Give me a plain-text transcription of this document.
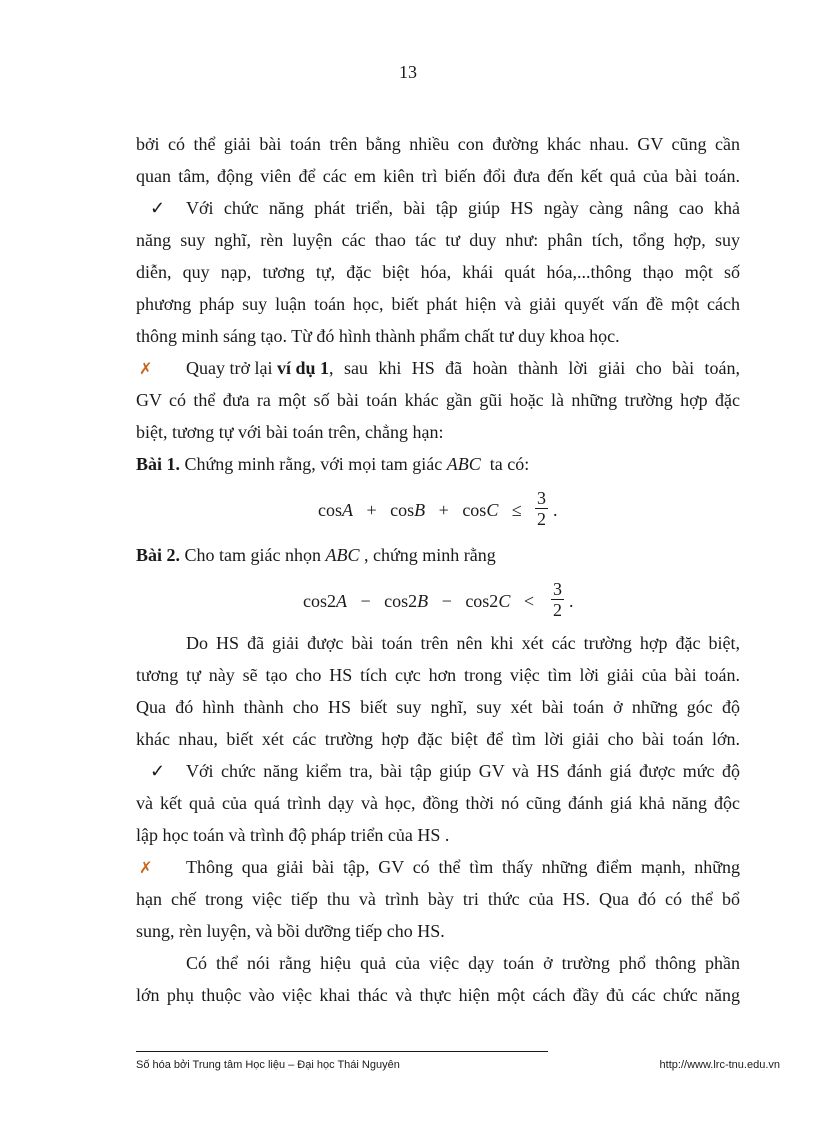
13
bởi có thể giải bài toán trên bằng nhiều con đường khác nhau. GV cũng cần
quan tâm, động viên để các em kiên trì biến đổi đưa đến kết quả của bài toán.
✓ Với chức năng phát triển, bài tập giúp HS ngày càng nâng cao khả
năng suy nghĩ, rèn luyện các thao tác tư duy như: phân tích, tổng hợp, suy
diễn, quy nạp, tương tự, đặc biệt hóa, khái quát hóa,...thông thạo một số
phương pháp suy luận toán học, biết phát hiện và giải quyết vấn đề một cách
thông minh sáng tạo. Từ đó hình thành phẩm chất tư duy khoa học.
✗ Quay trở lại ví dụ 1 , sau khi HS đã hoàn thành lời giải cho bài toán,
GV có thể đưa ra một số bài toán khác gần gũi hoặc là những trường hợp đặc
biệt, tương tự với bài toán trên, chẳng hạn:
Bài 1. Chứng minh rằng, với mọi tam giác ABC  ta có:
$\cos A + \cos B + \cos C \le \frac{3}{2}$ .
Bài 2. Cho tam giác nhọn ABC , chứng minh rằng
$\cos 2A - \cos 2B - \cos 2C < \frac{3}{2}$ .
Do HS đã giải được bài toán trên nên khi xét các trường hợp đặc biệt,
tương tự này sẽ tạo cho HS tích cực hơn trong việc tìm lời giải của bài toán.
Qua đó hình thành cho HS biết suy nghĩ, suy xét bài toán ở những góc độ
khác nhau, biết xét các trường hợp đặc biệt để tìm lời giải cho bài toán lớn.
✓ Với chức năng kiểm tra, bài tập giúp GV và HS đánh giá được mức độ
và kết quả của quá trình dạy và học, đồng thời nó cũng đánh giá khả năng độc
lập học toán và trình độ pháp triển của HS .
✗ Thông qua giải bài tập, GV có thể tìm thấy những điểm mạnh, những
hạn chế trong việc tiếp thu và trình bày tri thức của HS. Qua đó có thể bổ
sung, rèn luyện, và bồi dưỡng tiếp cho HS.
Có thể nói rằng hiệu quả của việc dạy toán ở trường phổ thông phần
lớn phụ thuộc vào việc khai thác và thực hiện một cách đầy đủ các chức năng
Số hóa bởi Trung tâm Học liệu – Đại học Thái Nguyên	http://www.lrc-tnu.edu.vn
